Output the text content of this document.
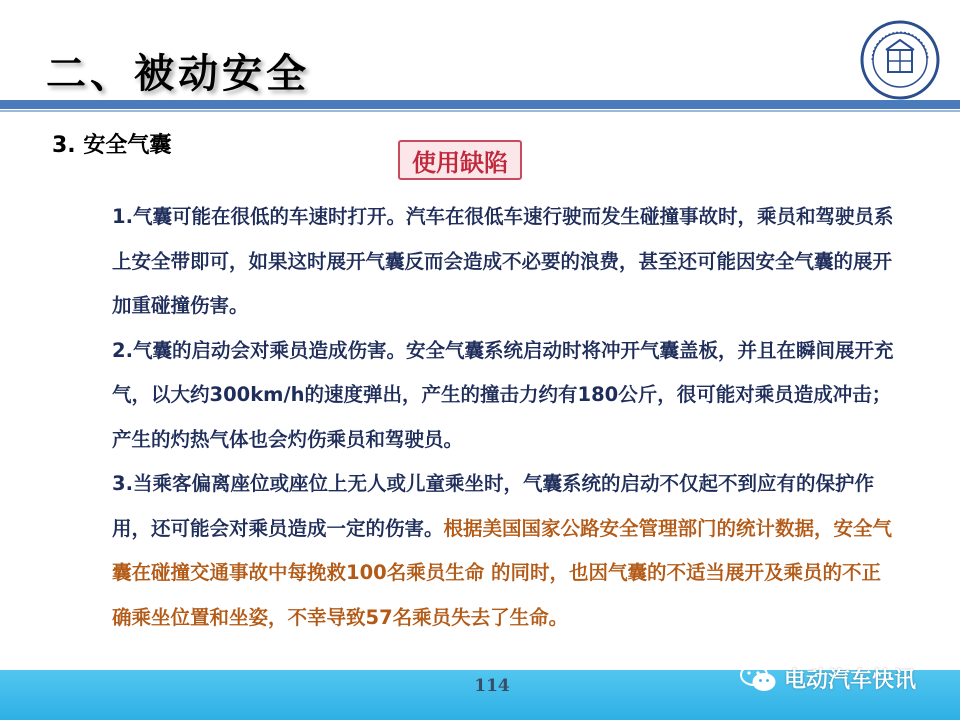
二、被动安全
3. 安全气囊
使用缺陷

1.气囊可能在很低的车速时打开。汽车在很低车速行驶而发生碰撞事故时，乘员和驾驶员系上安全带即可，如果这时展开气囊反而会造成不必要的浪费，甚至还可能因安全气囊的展开加重碰撞伤害。

2.气囊的启动会对乘员造成伤害。安全气囊系统启动时将冲开气囊盖板，并且在瞬间展开充气，以大约300km/h的速度弹出，产生的撞击力约有180公斤，很可能对乘员造成冲击；产生的灼热气体也会灼伤乘员和驾驶员。

3.当乘客偏离座位或座位上无人或儿童乘坐时，气囊系统的启动不仅起不到应有的保护作用，还可能会对乘员造成一定的伤害。根据美国国家公路安全管理部门的统计数据，安全气囊在碰撞交通事故中每挽救100名乘员生命 的同时，也因气囊的不适当展开及乘员的不正确乘坐位置和坐姿，不幸导致57名乘员失去了生命。

114	电动汽车快讯
